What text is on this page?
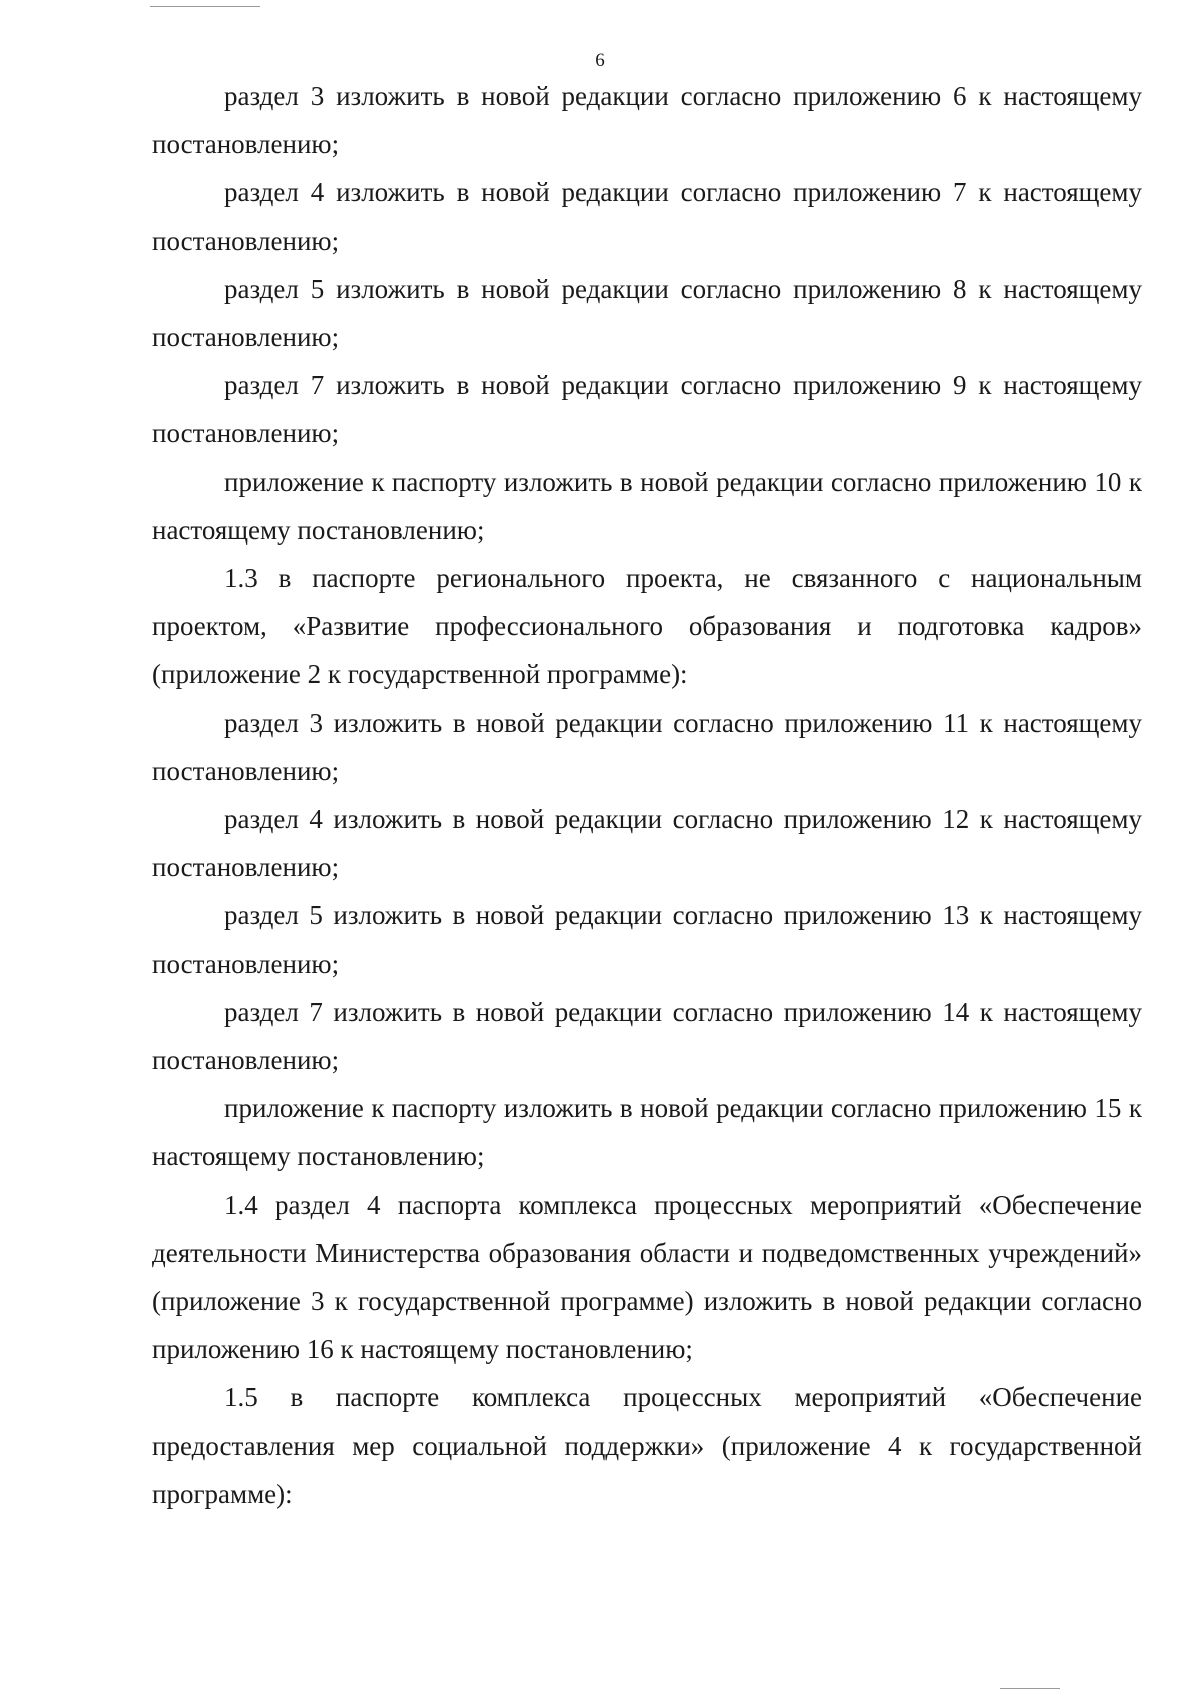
6

раздел 3 изложить в новой редакции согласно приложению 6 к настоящему постановлению;

раздел 4 изложить в новой редакции согласно приложению 7 к настоящему постановлению;

раздел 5 изложить в новой редакции согласно приложению 8 к настоящему постановлению;

раздел 7 изложить в новой редакции согласно приложению 9 к настоящему постановлению;

приложение к паспорту изложить в новой редакции согласно приложению 10 к настоящему постановлению;

1.3 в паспорте регионального проекта, не связанного с национальным проектом, «Развитие профессионального образования и подготовка кадров» (приложение 2 к государственной программе):

раздел 3 изложить в новой редакции согласно приложению 11 к настоящему постановлению;

раздел 4 изложить в новой редакции согласно приложению 12 к настоящему постановлению;

раздел 5 изложить в новой редакции согласно приложению 13 к настоящему постановлению;

раздел 7 изложить в новой редакции согласно приложению 14 к настоящему постановлению;

приложение к паспорту изложить в новой редакции согласно приложению 15 к настоящему постановлению;

1.4 раздел 4 паспорта комплекса процессных мероприятий «Обеспечение деятельности Министерства образования области и подведомственных учреждений» (приложение 3 к государственной программе) изложить в новой редакции согласно приложению 16 к настоящему постановлению;

1.5 в паспорте комплекса процессных мероприятий «Обеспечение предоставления мер социальной поддержки» (приложение 4 к государственной программе):
